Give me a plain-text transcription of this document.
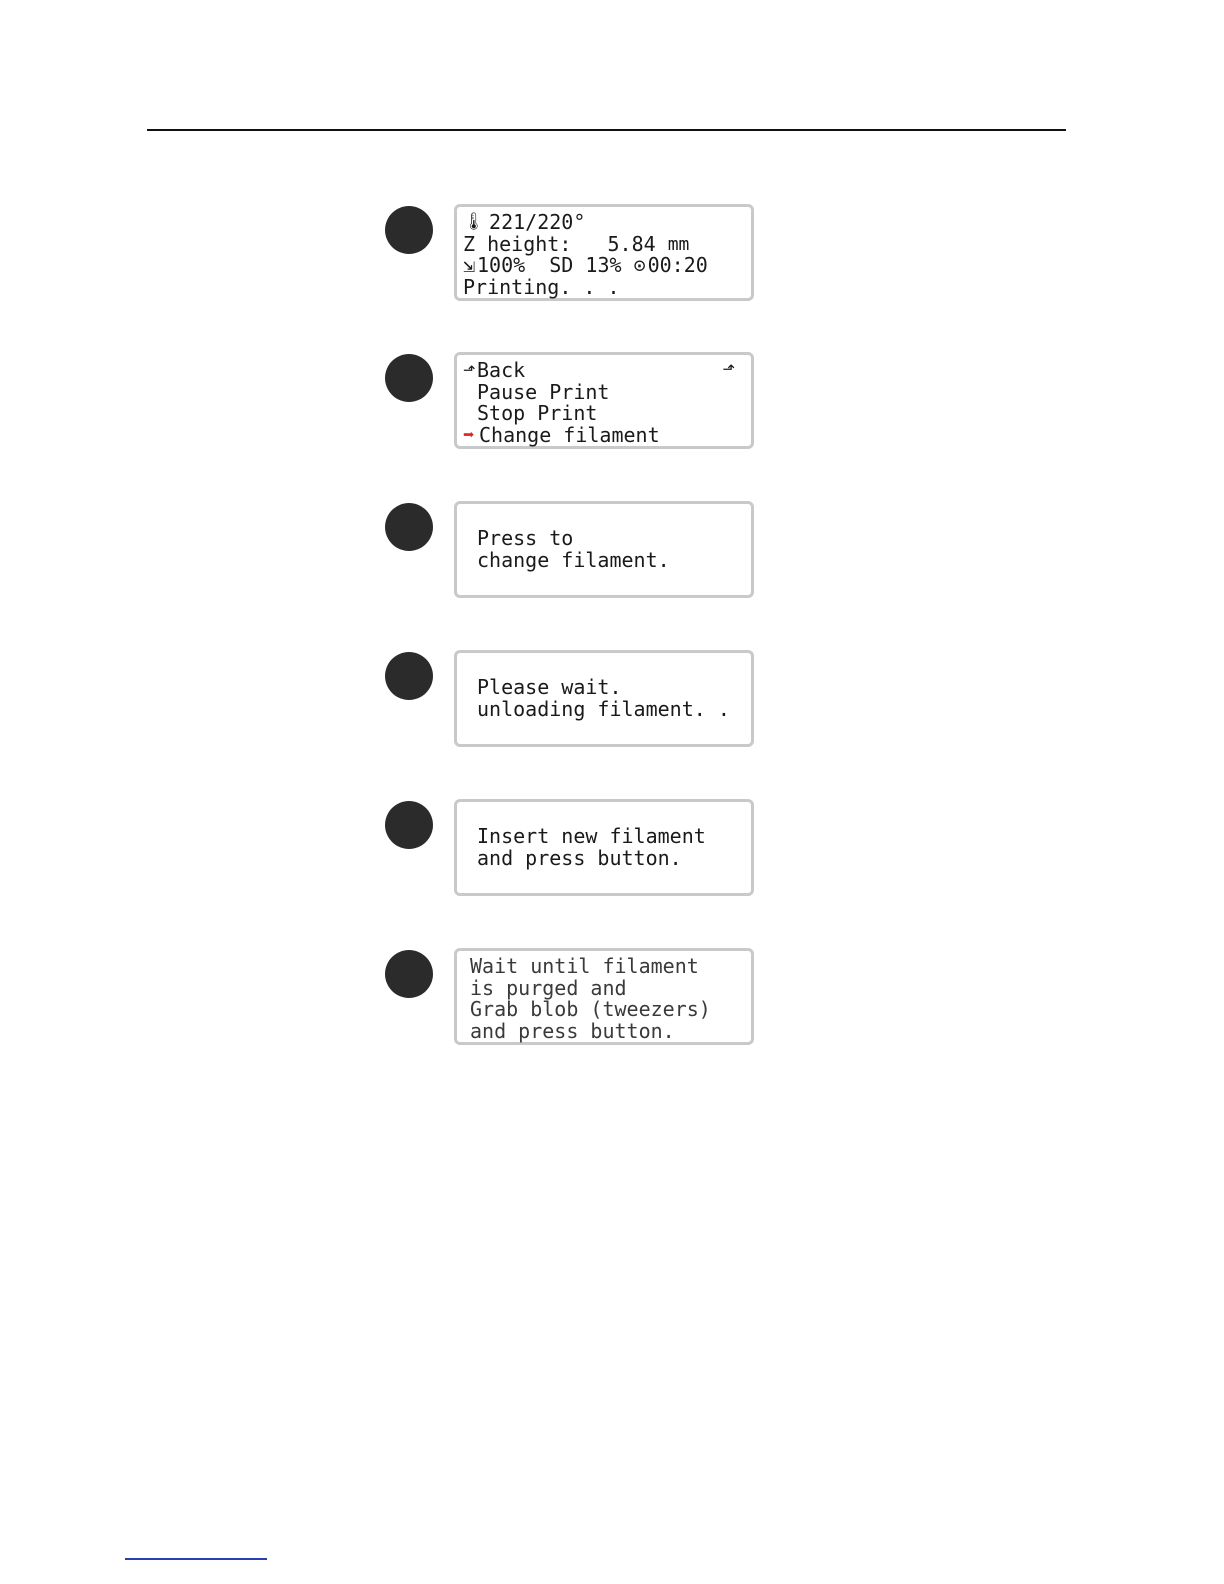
🌡︎
221/220°
Z height:
5.84
mm
⇲ 100%
SD
13%
⊙ 00:20
Printing. . .
⬏ Back	⬏

Pause Print

Stop Print
➡ Change filament
Press to
change filament.
Please wait.
unloading filament. .
Insert new filament
and press button.
Wait until filament
is purged and
Grab blob (tweezers)
and press button.
